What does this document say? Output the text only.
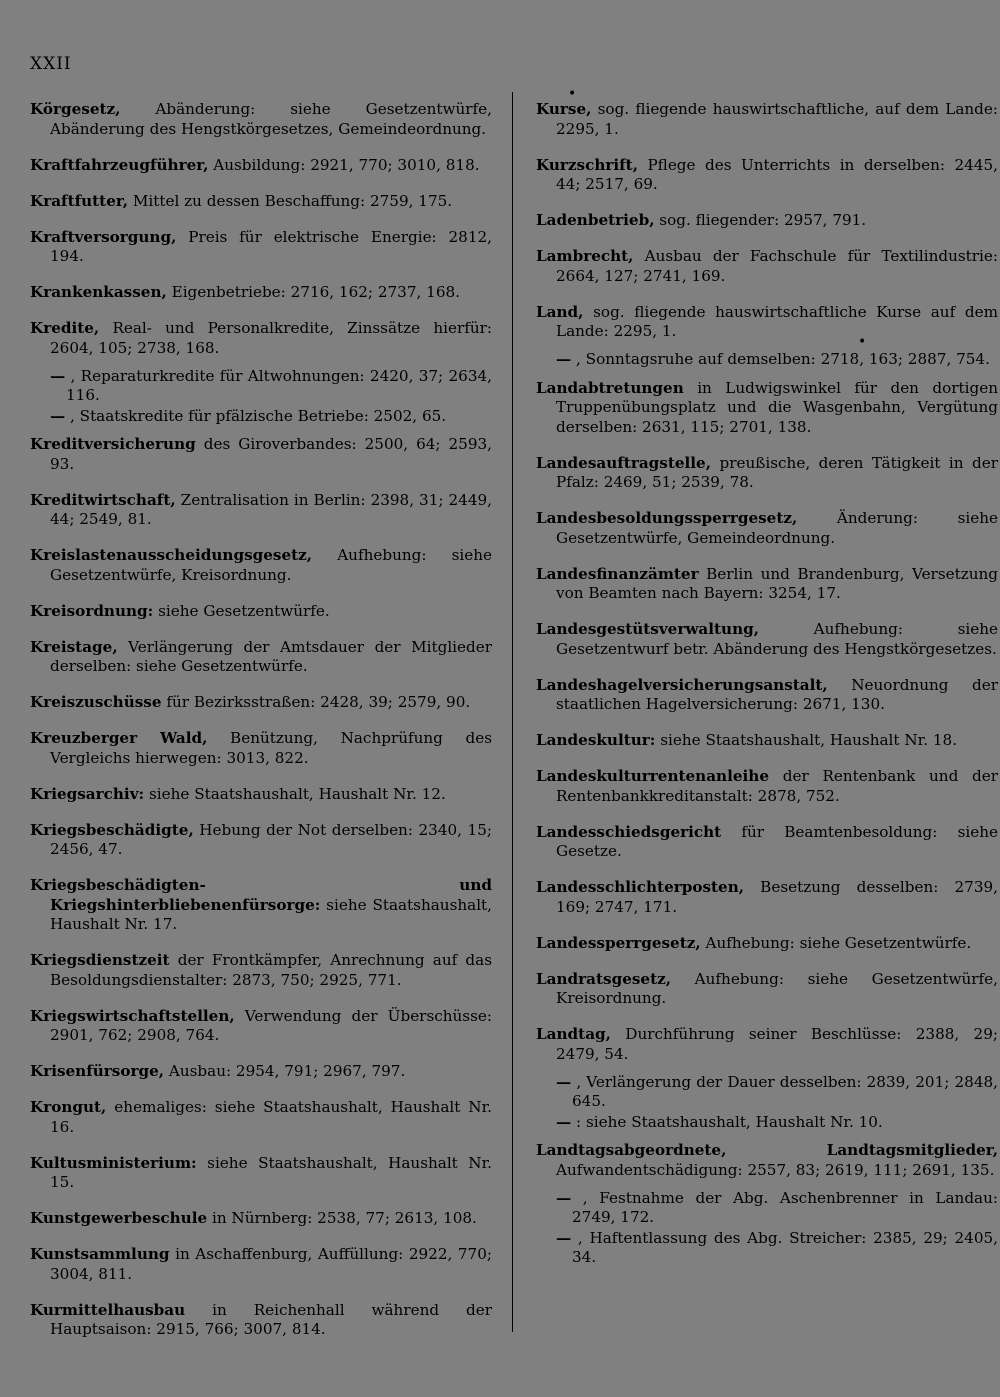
XXII

Körgesetz, Abänderung: siehe Gesetzentwürfe, Abänderung des Hengstkörgesetzes, Gemeindeordnung.

Kraftfahrzeugführer, Ausbildung: 2921, 770; 3010, 818.

Kraftfutter, Mittel zu dessen Beschaffung: 2759, 175.

Kraftversorgung, Preis für elektrische Energie: 2812, 194.

Krankenkassen, Eigenbetriebe: 2716, 162; 2737, 168.

Kredite, Real- und Personalkredite, Zinssätze hierfür: 2604, 105; 2738, 168.

— , Reparaturkredite für Altwohnungen: 2420, 37; 2634, 116.

— , Staatskredite für pfälzische Betriebe: 2502, 65.

Kreditversicherung des Giroverbandes: 2500, 64; 2593, 93.

Kreditwirtschaft, Zentralisation in Berlin: 2398, 31; 2449, 44; 2549, 81.

Kreislastenausscheidungsgesetz, Aufhebung: siehe Gesetzentwürfe, Kreisordnung.

Kreisordnung: siehe Gesetzentwürfe.

Kreistage, Verlängerung der Amtsdauer der Mitglieder derselben: siehe Gesetzentwürfe.

Kreiszuschüsse für Bezirksstraßen: 2428, 39; 2579, 90.

Kreuzberger Wald, Benützung, Nachprüfung des Vergleichs hierwegen: 3013, 822.

Kriegsarchiv: siehe Staatshaushalt, Haushalt Nr. 12.

Kriegsbeschädigte, Hebung der Not derselben: 2340, 15; 2456, 47.

Kriegsbeschädigten- und Kriegshinterbliebenenfürsorge: siehe Staatshaushalt, Haushalt Nr. 17.

Kriegsdienstzeit der Frontkämpfer, Anrechnung auf das Besoldungsdienstalter: 2873, 750; 2925, 771.

Kriegswirtschaftstellen, Verwendung der Überschüsse: 2901, 762; 2908, 764.

Krisenfürsorge, Ausbau: 2954, 791; 2967, 797.

Krongut, ehemaliges: siehe Staatshaushalt, Haushalt Nr. 16.

Kultusministerium: siehe Staatshaushalt, Haushalt Nr. 15.

Kunstgewerbeschule in Nürnberg: 2538, 77; 2613, 108.

Kunstsammlung in Aschaffenburg, Auffüllung: 2922, 770; 3004, 811.

Kurmittelhausbau in Reichenhall während der Hauptsaison: 2915, 766; 3007, 814.

Kurse, sog. fliegende hauswirtschaftliche, auf dem Lande: 2295, 1.

Kurzschrift, Pflege des Unterrichts in derselben: 2445, 44; 2517, 69.

Ladenbetrieb, sog. fliegender: 2957, 791.

Lambrecht, Ausbau der Fachschule für Textilindustrie: 2664, 127; 2741, 169.

Land, sog. fliegende hauswirtschaftliche Kurse auf dem Lande: 2295, 1.

— , Sonntagsruhe auf demselben: 2718, 163; 2887, 754.

Landabtretungen in Ludwigswinkel für den dortigen Truppenübungsplatz und die Wasgenbahn, Vergütung derselben: 2631, 115; 2701, 138.

Landesauftragstelle, preußische, deren Tätigkeit in der Pfalz: 2469, 51; 2539, 78.

Landesbesoldungssperrgesetz, Änderung: siehe Gesetzentwürfe, Gemeindeordnung.

Landesfinanzämter Berlin und Brandenburg, Versetzung von Beamten nach Bayern: 3254, 17.

Landesgestütsverwaltung, Aufhebung: siehe Gesetzentwurf betr. Abänderung des Hengstkörgesetzes.

Landeshagelversicherungsanstalt, Neuordnung der staatlichen Hagelversicherung: 2671, 130.

Landeskultur: siehe Staatshaushalt, Haushalt Nr. 18.

Landeskulturrentenanleihe der Rentenbank und der Rentenbankkreditanstalt: 2878, 752.

Landesschiedsgericht für Beamtenbesoldung: siehe Gesetze.

Landesschlichterposten, Besetzung desselben: 2739, 169; 2747, 171.

Landessperrgesetz, Aufhebung: siehe Gesetzentwürfe.

Landratsgesetz, Aufhebung: siehe Gesetzentwürfe, Kreisordnung.

Landtag, Durchführung seiner Beschlüsse: 2388, 29; 2479, 54.

— , Verlängerung der Dauer desselben: 2839, 201; 2848, 645.

— : siehe Staatshaushalt, Haushalt Nr. 10.

Landtagsabgeordnete, Landtagsmitglieder, Aufwandentschädigung: 2557, 83; 2619, 111; 2691, 135.

— , Festnahme der Abg. Aschenbrenner in Landau: 2749, 172.

— , Haftentlassung des Abg. Streicher: 2385, 29; 2405, 34.

•
•
